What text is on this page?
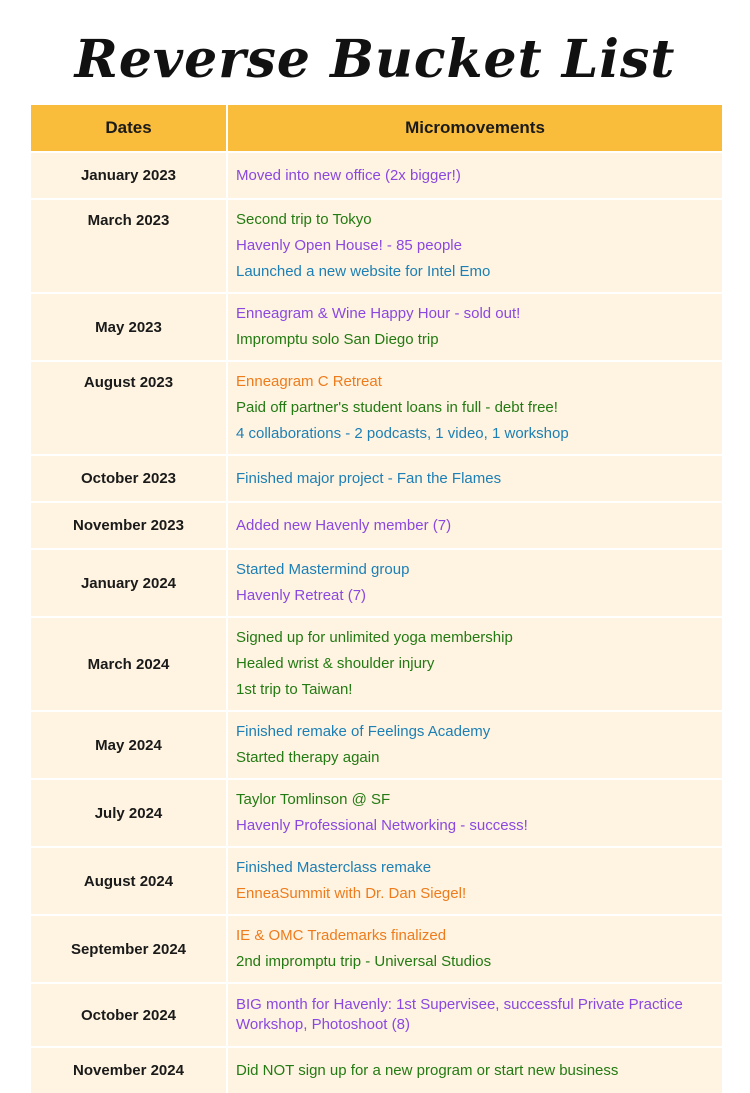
Reverse Bucket List
Dates	Micromovements
January 2023	Moved into new office (2x bigger!)

March 2023	Second trip to Tokyo
Havenly Open House! - 85 people
Launched a new website for Intel Emo

May 2023	Enneagram & Wine Happy Hour - sold out!
Impromptu solo San Diego trip

August 2023	Enneagram C Retreat
Paid off partner's student loans in full - debt free!
4 collaborations - 2 podcasts, 1 video, 1 workshop

October 2023	Finished major project - Fan the Flames

November 2023	Added new Havenly member (7)

January 2024	Started Mastermind group
Havenly Retreat (7)

March 2024	Signed up for unlimited yoga membership
Healed wrist & shoulder injury
1st trip to Taiwan!

May 2024	Finished remake of Feelings Academy
Started therapy again

July 2024	Taylor Tomlinson @ SF
Havenly Professional Networking - success!

August 2024	Finished Masterclass remake
EnneaSummit with Dr. Dan Siegel!

September 2024	IE & OMC Trademarks finalized
2nd impromptu trip - Universal Studios

October 2024	BIG month for Havenly: 1st Supervisee, successful Private Practice Workshop, Photoshoot (8)

November 2024	Did NOT sign up for a new program or start new business
